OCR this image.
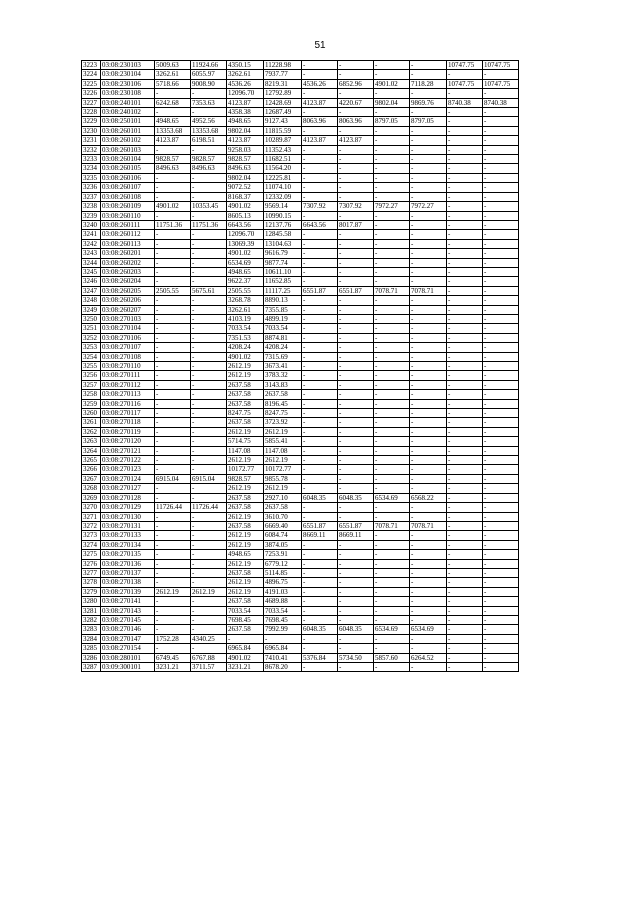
51
3223	03:08:230103	5009.63	11924.66	4350.15	11228.98	-	-	-	-	10747.75	10747.75
3224	03:08:230104	3262.61	6055.97	3262.61	7937.77	-	-	-	-	-	-
3225	03:08:230106	5718.66	9008.90	4536.26	8219.31	4536.26	6852.96	4901.02	7118.28	10747.75	10747.75
3226	03:08:230108	-	-	12096.70	12792.89	-	-	-	-	-	-
3227	03:08:240101	6242.68	7353.63	4123.87	12428.69	4123.87	4220.67	9802.04	9869.76	8740.38	8740.38
3228	03:08:240102	-	-	4358.38	12687.49	-	-	-	-	-	-
3229	03:08:250101	4948.65	4952.56	4948.65	9127.43	8063.96	8063.96	8797.05	8797.05	-	-
3230	03:08:260101	13353.68	13353.68	9802.04	11815.59	-	-	-	-	-	-
3231	03:08:260102	4123.87	6198.51	4123.87	10289.87	4123.87	4123.87	-	-	-	-
3232	03:08:260103	-	-	9258.03	11352.43	-	-	-	-	-	-
3233	03:08:260104	9828.57	9828.57	9828.57	11682.51	-	-	-	-	-	-
3234	03:08:260105	8496.63	8496.63	8496.63	11564.20	-	-	-	-	-	-
3235	03:08:260106	-	-	9802.04	12225.81	-	-	-	-	-	-
3236	03:08:260107	-	-	9072.52	11074.10	-	-	-	-	-	-
3237	03:08:260108	-	-	8168.37	12332.09	-	-	-	-	-	-
3238	03:08:260109	4901.02	10353.45	4901.02	9569.14	7307.92	7307.92	7972.27	7972.27	-	-
3239	03:08:260110	-	-	8605.13	10990.15	-	-	-	-	-	-
3240	03:08:260111	11751.36	11751.36	6643.56	12137.76	6643.56	8017.87	-	-	-	-
3241	03:08:260112	-	-	12096.70	12845.58	-	-	-	-	-	-
3242	03:08:260113	-	-	13069.39	13104.63	-	-	-	-	-	-
3243	03:08:260201	-	-	4901.02	9616.79	-	-	-	-	-	-
3244	03:08:260202	-	-	6534.69	9877.74	-	-	-	-	-	-
3245	03:08:260203	-	-	4948.65	10611.10	-	-	-	-	-	-
3246	03:08:260204	-	-	9622.37	11652.85	-	-	-	-	-	-
3247	03:08:260205	2505.55	5675.61	2505.55	11117.25	6551.87	6551.87	7078.71	7078.71	-	-
3248	03:08:260206	-	-	3268.78	8890.13	-	-	-	-	-	-
3249	03:08:260207	-	-	3262.61	7355.85	-	-	-	-	-	-
3250	03:08:270103	-	-	4103.19	4899.19	-	-	-	-	-	-
3251	03:08:270104	-	-	7033.54	7033.54	-	-	-	-	-	-
3252	03:08:270106	-	-	7351.53	8874.81	-	-	-	-	-	-
3253	03:08:270107	-	-	4208.24	4208.24	-	-	-	-	-	-
3254	03:08:270108	-	-	4901.02	7315.69	-	-	-	-	-	-
3255	03:08:270110	-	-	2612.19	3673.41	-	-	-	-	-	-
3256	03:08:270111	-	-	2612.19	3783.32	-	-	-	-	-	-
3257	03:08:270112	-	-	2637.58	3143.83	-	-	-	-	-	-
3258	03:08:270113	-	-	2637.58	2637.58	-	-	-	-	-	-
3259	03:08:270116	-	-	2637.58	8196.45	-	-	-	-	-	-
3260	03:08:270117	-	-	8247.75	8247.75	-	-	-	-	-	-
3261	03:08:270118	-	-	2637.58	3723.92	-	-	-	-	-	-
3262	03:08:270119	-	-	2612.19	2612.19	-	-	-	-	-	-
3263	03:08:270120	-	-	5714.75	5855.41	-	-	-	-	-	-
3264	03:08:270121	-	-	1147.08	1147.08	-	-	-	-	-	-
3265	03:08:270122	-	-	2612.19	2612.19	-	-	-	-	-	-
3266	03:08:270123	-	-	10172.77	10172.77	-	-	-	-	-	-
3267	03:08:270124	6915.04	6915.04	9828.57	9855.78	-	-	-	-	-	-
3268	03:08:270127	-	-	2612.19	2612.19	-	-	-	-	-	-
3269	03:08:270128	-	-	2637.58	2927.10	6048.35	6048.35	6534.69	6568.22	-	-
3270	03:08:270129	11726.44	11726.44	2637.58	2637.58	-	-	-	-	-	-
3271	03:08:270130	-	-	2612.19	3610.70	-	-	-	-	-	-
3272	03:08:270131	-	-	2637.58	6669.40	6551.87	6551.87	7078.71	7078.71	-	-
3273	03:08:270133	-	-	2612.19	6084.74	8669.11	8669.11	-	-	-	-
3274	03:08:270134	-	-	2612.19	3874.05	-	-	-	-	-	-
3275	03:08:270135	-	-	4948.65	7253.91	-	-	-	-	-	-
3276	03:08:270136	-	-	2612.19	6779.12	-	-	-	-	-	-
3277	03:08:270137	-	-	2637.58	5114.85	-	-	-	-	-	-
3278	03:08:270138	-	-	2612.19	4896.75	-	-	-	-	-	-
3279	03:08:270139	2612.19	2612.19	2612.19	4191.03	-	-	-	-	-	-
3280	03:08:270141	-	-	2637.58	4689.88	-	-	-	-	-	-
3281	03:08:270143	-	-	7033.54	7033.54	-	-	-	-	-	-
3282	03:08:270145	-	-	7698.45	7698.45	-	-	-	-	-	-
3283	03:08:270146	-	-	2637.58	7992.99	6048.35	6048.35	6534.69	6534.69	-	-
3284	03:08:270147	1752.28	4340.25	-	-	-	-	-	-	-	-
3285	03:08:270154	-	-	6965.84	6965.84	-	-	-	-	-	-
3286	03:08:280101	6749.45	6767.88	4901.02	7410.41	5376.84	5734.50	5857.60	6264.52	-	-
3287	03:09:300101	3231.21	3711.57	3231.21	8678.20	-	-	-	-	-	-
